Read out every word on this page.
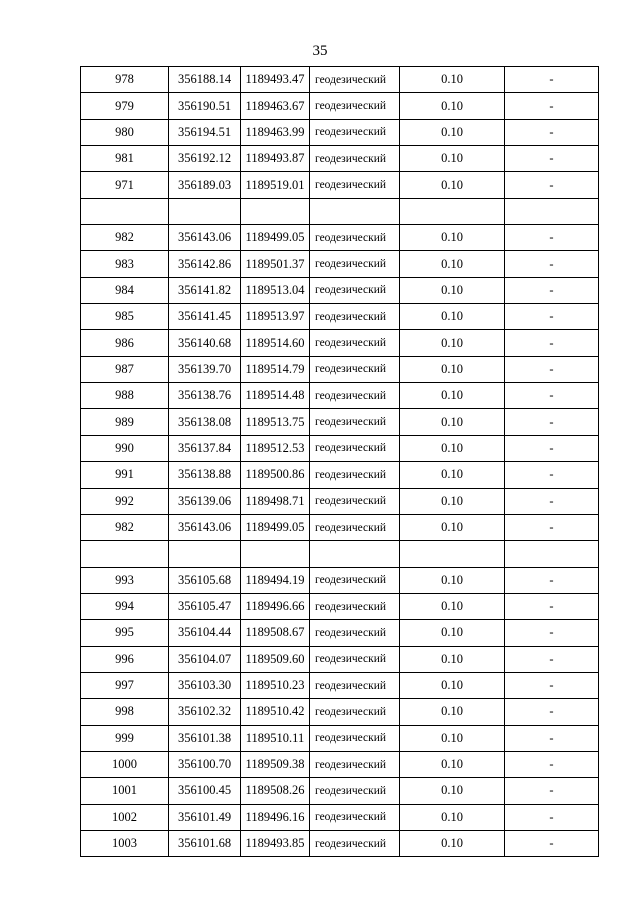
35
978	356188.14	1189493.47	геодезический	0.10	-
979	356190.51	1189463.67	геодезический	0.10	-
980	356194.51	1189463.99	геодезический	0.10	-
981	356192.12	1189493.87	геодезический	0.10	-
971	356189.03	1189519.01	геодезический	0.10	-

982	356143.06	1189499.05	геодезический	0.10	-
983	356142.86	1189501.37	геодезический	0.10	-
984	356141.82	1189513.04	геодезический	0.10	-
985	356141.45	1189513.97	геодезический	0.10	-
986	356140.68	1189514.60	геодезический	0.10	-
987	356139.70	1189514.79	геодезический	0.10	-
988	356138.76	1189514.48	геодезический	0.10	-
989	356138.08	1189513.75	геодезический	0.10	-
990	356137.84	1189512.53	геодезический	0.10	-
991	356138.88	1189500.86	геодезический	0.10	-
992	356139.06	1189498.71	геодезический	0.10	-
982	356143.06	1189499.05	геодезический	0.10	-

993	356105.68	1189494.19	геодезический	0.10	-
994	356105.47	1189496.66	геодезический	0.10	-
995	356104.44	1189508.67	геодезический	0.10	-
996	356104.07	1189509.60	геодезический	0.10	-
997	356103.30	1189510.23	геодезический	0.10	-
998	356102.32	1189510.42	геодезический	0.10	-
999	356101.38	1189510.11	геодезический	0.10	-
1000	356100.70	1189509.38	геодезический	0.10	-
1001	356100.45	1189508.26	геодезический	0.10	-
1002	356101.49	1189496.16	геодезический	0.10	-
1003	356101.68	1189493.85	геодезический	0.10	-
